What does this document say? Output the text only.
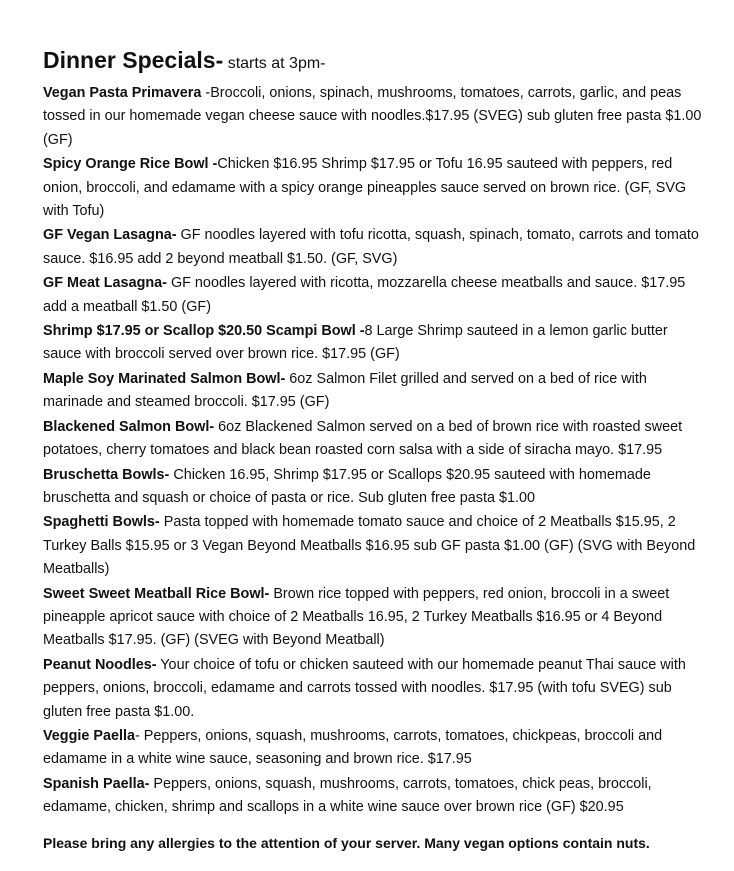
Dinner Specials- starts at 3pm-
Vegan Pasta Primavera -Broccoli, onions, spinach, mushrooms, tomatoes, carrots, garlic, and peas tossed in our homemade vegan cheese sauce with noodles.$17.95 (SVEG) sub gluten free pasta $1.00 (GF)
Spicy Orange Rice Bowl -Chicken $16.95 Shrimp $17.95 or Tofu 16.95 sauteed with peppers, red onion, broccoli, and edamame with a spicy orange pineapples sauce served on brown rice. (GF, SVG with Tofu)
GF Vegan Lasagna- GF noodles layered with tofu ricotta, squash, spinach, tomato, carrots and tomato sauce. $16.95 add 2 beyond meatball $1.50. (GF, SVG)
GF Meat Lasagna- GF noodles layered with ricotta, mozzarella cheese meatballs and sauce. $17.95 add a meatball $1.50 (GF)
Shrimp $17.95 or Scallop $20.50 Scampi Bowl -8 Large Shrimp sauteed in a lemon garlic butter sauce with broccoli served over brown rice. $17.95 (GF)
Maple Soy Marinated Salmon Bowl- 6oz Salmon Filet grilled and served on a bed of rice with marinade and steamed broccoli. $17.95 (GF)
Blackened Salmon Bowl- 6oz Blackened Salmon served on a bed of brown rice with roasted sweet potatoes, cherry tomatoes and black bean roasted corn salsa with a side of siracha mayo. $17.95
Bruschetta Bowls- Chicken 16.95, Shrimp $17.95 or Scallops $20.95 sauteed with homemade bruschetta and squash or choice of pasta or rice. Sub gluten free pasta $1.00
Spaghetti Bowls- Pasta topped with homemade tomato sauce and choice of 2 Meatballs $15.95, 2 Turkey Balls $15.95 or 3 Vegan Beyond Meatballs $16.95 sub GF pasta $1.00 (GF) (SVG with Beyond Meatballs)
Sweet Sweet Meatball Rice Bowl- Brown rice topped with peppers, red onion, broccoli in a sweet pineapple apricot sauce with choice of 2 Meatballs 16.95, 2 Turkey Meatballs $16.95 or 4 Beyond Meatballs $17.95. (GF) (SVEG with Beyond Meatball)
Peanut Noodles- Your choice of tofu or chicken sauteed with our homemade peanut Thai sauce with peppers, onions, broccoli, edamame and carrots tossed with noodles. $17.95 (with tofu SVEG) sub gluten free pasta $1.00.
Veggie Paella- Peppers, onions, squash, mushrooms, carrots, tomatoes, chickpeas, broccoli and edamame in a white wine sauce, seasoning and brown rice. $17.95
Spanish Paella- Peppers, onions, squash, mushrooms, carrots, tomatoes, chick peas, broccoli, edamame, chicken, shrimp and scallops in a white wine sauce over brown rice (GF) $20.95
Please bring any allergies to the attention of your server. Many vegan options contain nuts.
